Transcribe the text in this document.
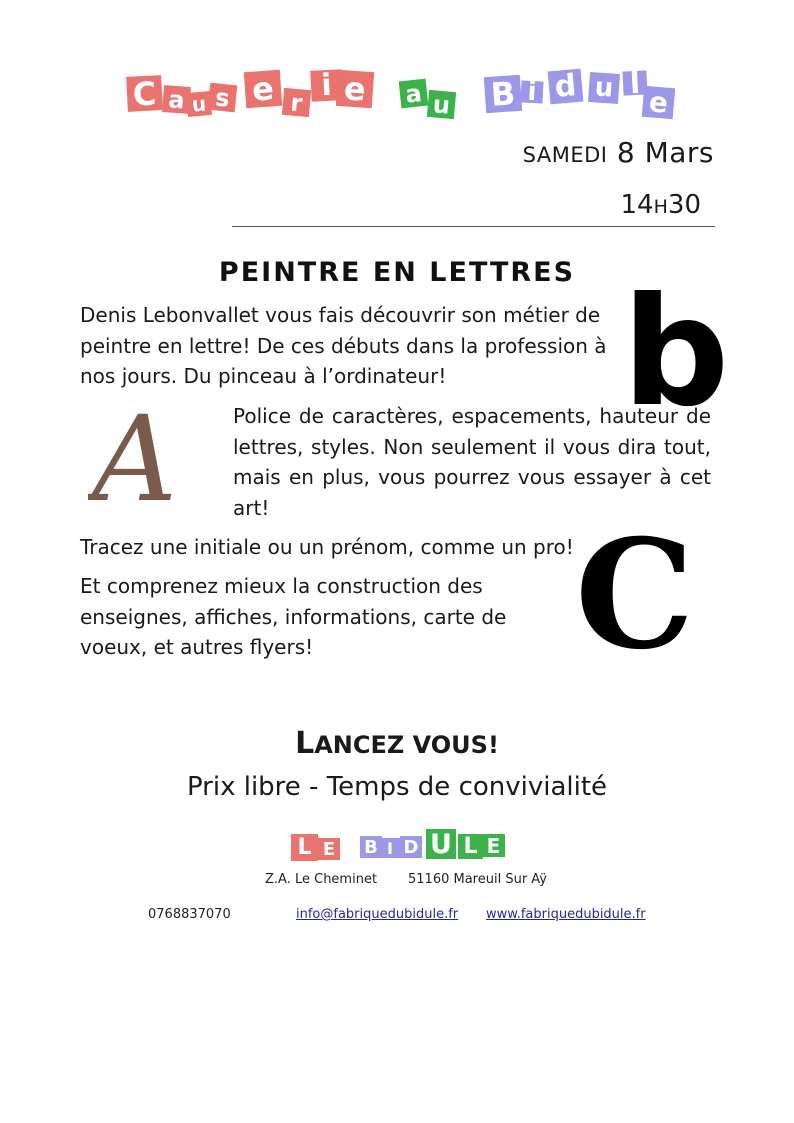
C a u s e r i e a u B i d u l
e
SAMEDI 8 Mars
14H30
PEINTRE EN LETTRES
Denis Lebonvallet vous fais découvrir son métier de peintre en lettre! De ces débuts dans la profession à nos jours. Du pinceau à l’ordinateur!	b
A	Police de caractères, espacements, hauteur de lettres, styles. Non seulement il vous dira tout, mais en plus, vous pourrez vous essayer à cet art!
Tracez une initiale ou un prénom, comme un pro!
Et comprenez mieux la construction des enseignes, affiches, informations, carte de voeux, et autres flyers!	C
LANCEZ VOUS!
Prix libre - Temps de convivialité
L E B I D U L E
Z.A. Le Cheminet 51160 Mareuil Sur Aÿ
0768837070	info@fabriquedubidule.fr www.fabriquedubidule.fr
